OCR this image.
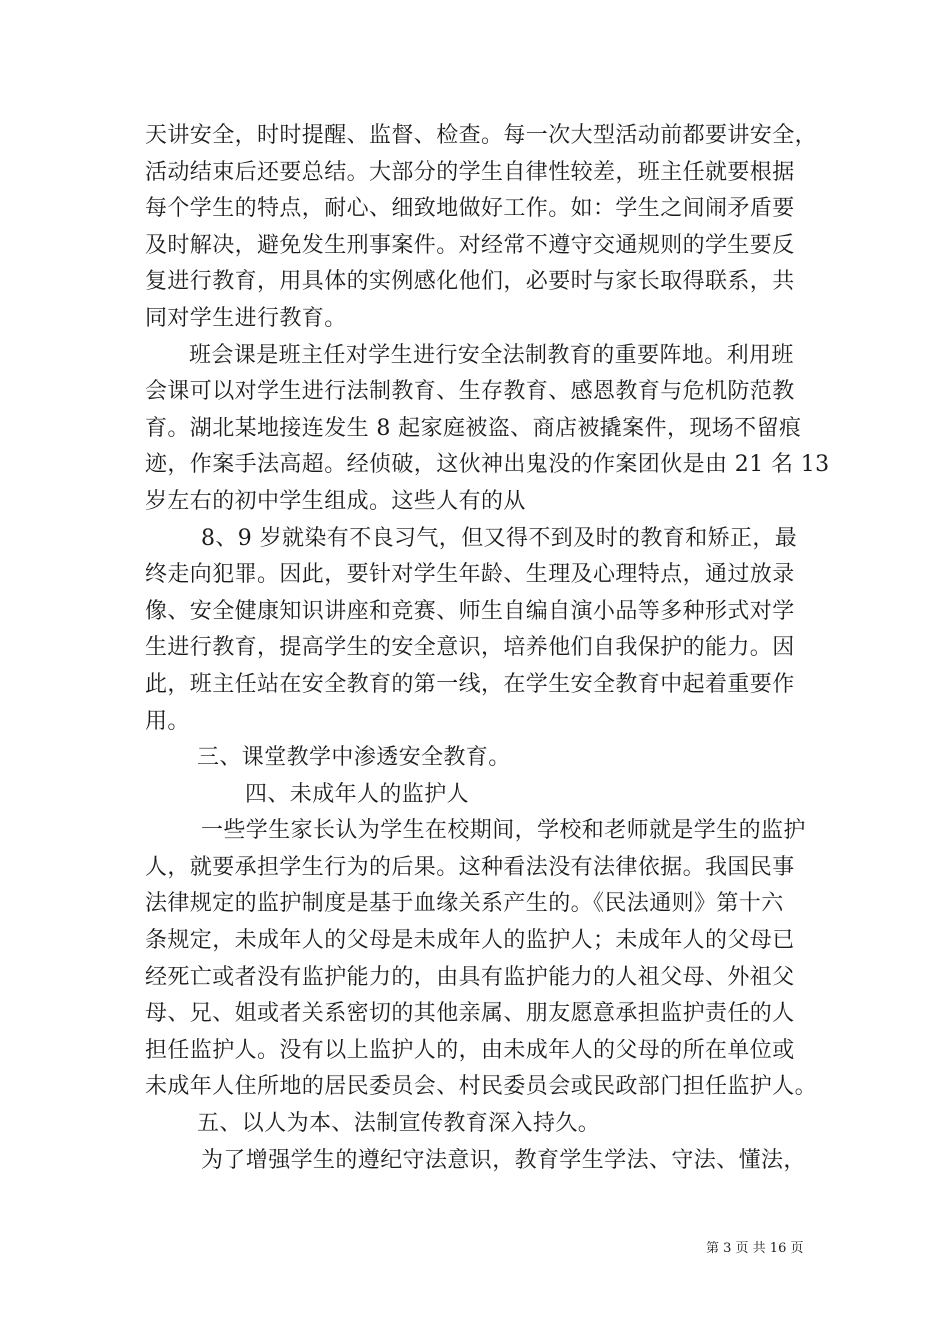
天讲安全，时时提醒、监督、检查。每一次大型活动前都要讲安全，
活动结束后还要总结。大部分的学生自律性较差，班主任就要根据
每个学生的特点，耐心、细致地做好工作。如：学生之间闹矛盾要
及时解决，避免发生刑事案件。对经常不遵守交通规则的学生要反
复进行教育，用具体的实例感化他们，必要时与家长取得联系，共
同对学生进行教育。
班会课是班主任对学生进行安全法制教育的重要阵地。利用班
会课可以对学生进行法制教育、生存教育、感恩教育与危机防范教
育。湖北某地接连发生 8 起家庭被盗、商店被撬案件，现场不留痕
迹，作案手法高超。经侦破，这伙神出鬼没的作案团伙是由 21 名 13
岁左右的初中学生组成。这些人有的从
8、9 岁就染有不良习气，但又得不到及时的教育和矫正，最
终走向犯罪。因此，要针对学生年龄、生理及心理特点，通过放录
像、安全健康知识讲座和竞赛、师生自编自演小品等多种形式对学
生进行教育，提高学生的安全意识，培养他们自我保护的能力。因
此，班主任站在安全教育的第一线，在学生安全教育中起着重要作
用。
三、课堂教学中渗透安全教育。
四、未成年人的监护人
一些学生家长认为学生在校期间，学校和老师就是学生的监护
人，就要承担学生行为的后果。这种看法没有法律依据。我国民事
法律规定的监护制度是基于血缘关系产生的。《民法通则》第十六
条规定，未成年人的父母是未成年人的监护人；未成年人的父母已
经死亡或者没有监护能力的，由具有监护能力的人祖父母、外祖父
母、兄、姐或者关系密切的其他亲属、朋友愿意承担监护责任的人
担任监护人。没有以上监护人的，由未成年人的父母的所在单位或
未成年人住所地的居民委员会、村民委员会或民政部门担任监护人。
五、以人为本、法制宣传教育深入持久。
为了增强学生的遵纪守法意识，教育学生学法、守法、懂法，
第 3 页 共 16 页
